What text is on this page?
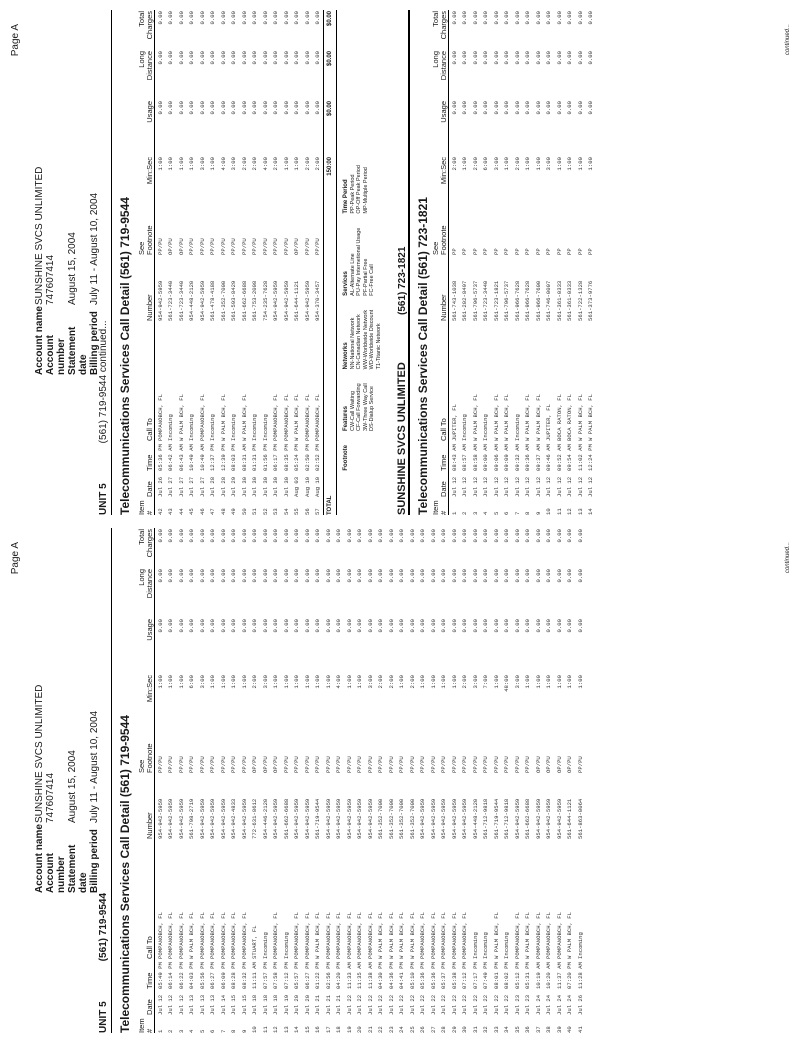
Page A
Account name
SUNSHINE SVCS UNLIMITED
Account number
747607414
Statement date
August 15, 2004
Billing period
July 11 - August 10, 2004
UNIT 5
(561) 719-9544 Telecommunications Services Call Detail (561) 719-9544 Item #
Date
Time
Call To
Number
See Footnote
Min:Sec
Usage
Long Distance
Total Charges
1
Jul 12
05:49 PM
POMPANOBCH, FL
954-942-5959
PP/PU
1:00
0.00
0.00
0.00
2
Jul 12
06:14 PM
POMPANOBCH, FL
954-942-5959
PP/PU
1:00
0.00
0.00
0.00
3
Jul 12
06:22 PM
POMPANOBCH, FL
954-942-5959
PP/PU
1:00
0.00
0.00
0.00
4
Jul 13
04:03 PM
W PALM BCH, FL
561-798-2719
PP/PU
6:00
0.00
0.00
0.00
5
Jul 13
05:56 PM
POMPANOBCH, FL
954-942-5959
PP/PU
3:00
0.00
0.00
0.00
6
Jul 13
06:27 PM
POMPANOBCH, FL
954-942-5959
PP/PU
1:00
0.00
0.00
0.00
7
Jul 14
06:09 PM
POMPANOBCH, FL
954-942-5959
PP/PU
1:00
0.00
0.00
0.00
8
Jul 15
08:28 PM
POMPANOBCH, FL
954-942-4833
PP/PU
1:00
0.00
0.00
0.00
9
Jul 15
08:32 PM
POMPANOBCH, FL
954-942-5959
PP/PU
1:00
0.00
0.00
0.00
10
Jul 18
11:11 AM
STUART, FL
772-631-8612
OP/PU
2:00
0.00
0.00
0.00
11
Jul 18
07:57 PM
Incoming
954-446-2120
OP/PU
3:00
0.00
0.00
0.00
12
Jul 18
07:58 PM
POMPANOBCH, FL
954-942-5959
OP/PU
1:00
0.00
0.00
0.00
13
Jul 19
07:12 PM
Incoming
561-662-6688
PP/PU
1:00
0.00
0.00
0.00
14
Jul 20
05:57 PM
POMPANOBCH, FL
954-942-5959
PP/PU
1:00
0.00
0.00
0.00
15
Jul 20
06:27 PM
POMPANOBCH, FL
954-942-5959
PP/PU
1:00
0.00
0.00
0.00
16
Jul 21
01:22 PM
W PALM BCH, FL
561-719-9544
PP/PU
1:00
0.00
0.00
0.00
17
Jul 21
02:56 PM
POMPANOBCH, FL
954-942-5959
PP/PU
1:00
0.00
0.00
0.00
18
Jul 21
04:20 PM
POMPANOBCH, FL
954-942-5959
PP/PU
4:00
0.00
0.00
0.00
19
Jul 22
11:33 AM
POMPANOBCH, FL
954-942-5959
PP/PU
1:00
0.00
0.00
0.00
20
Jul 22
11:35 AM
POMPANOBCH, FL
954-942-5959
PP/PU
1:00
0.00
0.00
0.00
21
Jul 22
11:38 AM
POMPANOBCH, FL
954-942-5959
PP/PU
3:00
0.00
0.00
0.00
22
Jul 22
04:30 PM
W PALM BCH, FL
561-352-7000
PP/PU
2:00
0.00
0.00
0.00
23
Jul 22
04:36 PM
W PALM BCH, FL
561-352-7000
PP/PU
2:00
0.00
0.00
0.00
24
Jul 22
04:41 PM
W PALM BCH, FL
561-352-7000
PP/PU
1:00
0.00
0.00
0.00
25
Jul 22
05:10 PM
W PALM BCH, FL
561-352-7000
PP/PU
2:00
0.00
0.00
0.00
26
Jul 22
05:36 PM
POMPANOBCH, FL
954-942-5959
PP/PU
1:00
0.00
0.00
0.00
27
Jul 22
05:36 PM
POMPANOBCH, FL
954-942-5959
PP/PU
1:00
0.00
0.00
0.00
28
Jul 22
05:37 PM
POMPANOBCH, FL
954-942-5959
PP/PU
1:00
0.00
0.00
0.00
29
Jul 22
05:38 PM
POMPANOBCH, FL
954-942-5959
PP/PU
1:00
0.00
0.00
0.00
30
Jul 22
07:12 PM
POMPANOBCH, FL
954-942-5959
PP/PU
2:00
0.00
0.00
0.00
31
Jul 22
07:17 PM
Incoming
954-448-2120
PP/PU
3:00
0.00
0.00
0.00
32
Jul 22
07:49 PM
Incoming
561-712-9818
PP/PU
7:00
0.00
0.00
0.00
33
Jul 22
08:01 PM
W PALM BCH, FL
561-719-9544
PP/PU
1:00
0.00
0.00
0.00
34
Jul 22
08:02 PM
Incoming
561-712-9818
PP/PU
48:00
0.00
0.00
0.00
35
Jul 23
05:12 PM
POMPANOBCH, FL
954-942-5959
PP/PU
3:00
0.00
0.00
0.00
36
Jul 23
05:31 PM
W PALM BCH, FL
561-662-6688
PP/PU
1:00
0.00
0.00
0.00
37
Jul 24
10:19 AM
POMPANOBCH, FL
954-942-5959
OP/PU
1:00
0.00
0.00
0.00
38
Jul 24
10:20 AM
POMPANOBCH, FL
954-942-5959
OP/PU
1:00
0.00
0.00
0.00
39
Jul 24
11:37 AM
POMPANOBCH, FL
954-942-5959
OP/PU
1:00
0.00
0.00
0.00
40
Jul 24
07:20 PM
W PALM BCH, FL
561-644-1121
OP/PU
1:00
0.00
0.00
0.00
41
Jul 26
11:28 AM
Incoming
561-863-0064
PP/PU
1:00
0.00
0.00
0.00
continued...
Page A
Account name
SUNSHINE SVCS UNLIMITED
Account number
747607414
Statement date
August 15, 2004
Billing period
July 11 - August 10, 2004
UNIT 5
(561) 719-9544 continued... Telecommunications Services Call Detail (561) 719-9544 Item #
Date
Time
Call To
Number
See Footnote
Min:Sec
Usage
Long Distance
Total Charges
42
Jul 26
05:36 PM
POMPANOBCH, FL
954-942-5959
PP/PU
1:00
0.00
0.00
0.00
43
Jul 27
06:42 AM
Incoming
561-723-3440
OP/PU
1:00
0.00
0.00
0.00
44
Jul 27
06:43 AM
W PALM BCH, FL
561-723-3440
OP/PU
1:00
0.00
0.00
0.00
45
Jul 27
10:49 AM
Incoming
954-448-2120
PP/PU
1:00
0.00
0.00
0.00
46
Jul 27
10:49 AM
POMPANOBCH, FL
954-942-5959
PP/PU
3:00
0.00
0.00
0.00
47
Jul 28
12:37 PM
Incoming
561-478-4188
PP/PU
1:00
0.00
0.00
0.00
48
Jul 28
12:39 PM
W PALM BCH, FL
561-352-7000
PP/PU
4:00
0.00
0.00
0.00
49
Jul 29
08:03 PM
Incoming
561-593-8429
PP/PU
3:00
0.00
0.00
0.00
50
Jul 30
08:31 AM
W PALM BCH, FL
561-662-6688
PP/PU
2:00
0.00
0.00
0.00
51
Jul 30
01:31 PM
Incoming
561-753-2008
PP/PU
2:00
0.00
0.00
0.00
52
Jul 30
01:56 PM
Incoming
754-235-7628
PP/PU
4:00
0.00
0.00
0.00
53
Jul 30
06:17 PM
POMPANOBCH, FL
954-942-5959
PP/PU
2:00
0.00
0.00
0.00
54
Jul 30
08:35 PM
POMPANOBCH, FL
954-942-5959
PP/PU
1:00
0.00
0.00
0.00
55
Aug 03
05:24 PM
W PALM BCH, FL
561-644-1121
OP/PU
1:00
0.00
0.00
0.00
56
Aug 10
02:50 PM
POMPANOBCH, FL
954-942-5959
PP/PU
2:00
0.00
0.00
0.00
57
Aug 10
02:52 PM
POMPANOBCH, FL
954-370-3457
PP/PU
2:00
0.00
0.00
0.00
TOTAL
150:00
$0.00
$0.00
$0.00
Footnote
Features CW-Call Waiting CF-Call Forwarding 3W-Three Way Call DS-Dialup Service
Networks NN-National Network CN-Canadian Network WW-Worldwide Network WD-Worldwide Discount T1-Titanic Network
Services AL-Alternate Line PU-Pay Internetional Usage PF-Partial Free FC-Free Call
Time Period PP-Peak Period OP-Off Peak Period MP-Multiple Period
SUNSHINE SVCS UNLIMITED
(561) 723-1821 Telecommunications Services Call Detail (561) 723-1821 Item #
Date
Time
Call To
Number
See Footnote
Min:Sec
Usage
Long Distance
Total Charges
1
Jul 12
08:43 AM
JUPITER, FL
561-743-1038
PP
2:00
0.00
0.00
0.00
2
Jul 12
08:57 AM
Incoming
561-202-8497
PP
1:00
0.00
0.00
0.00
3
Jul 12
08:58 AM
W PALM BCH, FL
561-796-5737
PP
2:00
0.00
0.00
0.00
4
Jul 12
09:00 AM
Incoming
561-723-3440
PP
6:00
0.00
0.00
0.00
5
Jul 12
09:06 AM
W PALM BCH, FL
561-723-1821
PP
3:00
0.00
0.00
0.00
6
Jul 12
09:09 AM
W PALM BCH, FL
561-796-5737
PP
1:00
0.00
0.00
0.00
7
Jul 12
09:32 AM
Incoming
561-966-7628
PP
2:00
0.00
0.00
0.00
8
Jul 12
09:36 AM
W PALM BCH, FL
561-966-7628
PP
1:00
0.00
0.00
0.00
9
Jul 12
09:37 AM
W PALM BCH, FL
561-966-7600
PP
1:00
0.00
0.00
0.00
10
Jul 12
09:46 AM
JUPITER, FL
561-746-0007
PP
3:00
0.00
0.00
0.00
11
Jul 12
09:52 AM
BOCA RATON, FL
561-361-0333
PP
1:00
0.00
0.00
0.00
12
Jul 12
09:54 AM
BOCA RATON, FL
561-361-0333
PP
1:00
0.00
0.00
0.00
13
Jul 12
11:02 AM
W PALM BCH, FL
561-722-1328
PP
1:00
0.00
0.00
0.00
14
Jul 12
12:24 PM
W PALM BCH, FL
561-373-9776
PP
1:00
0.00
0.00
0.00
continued...
